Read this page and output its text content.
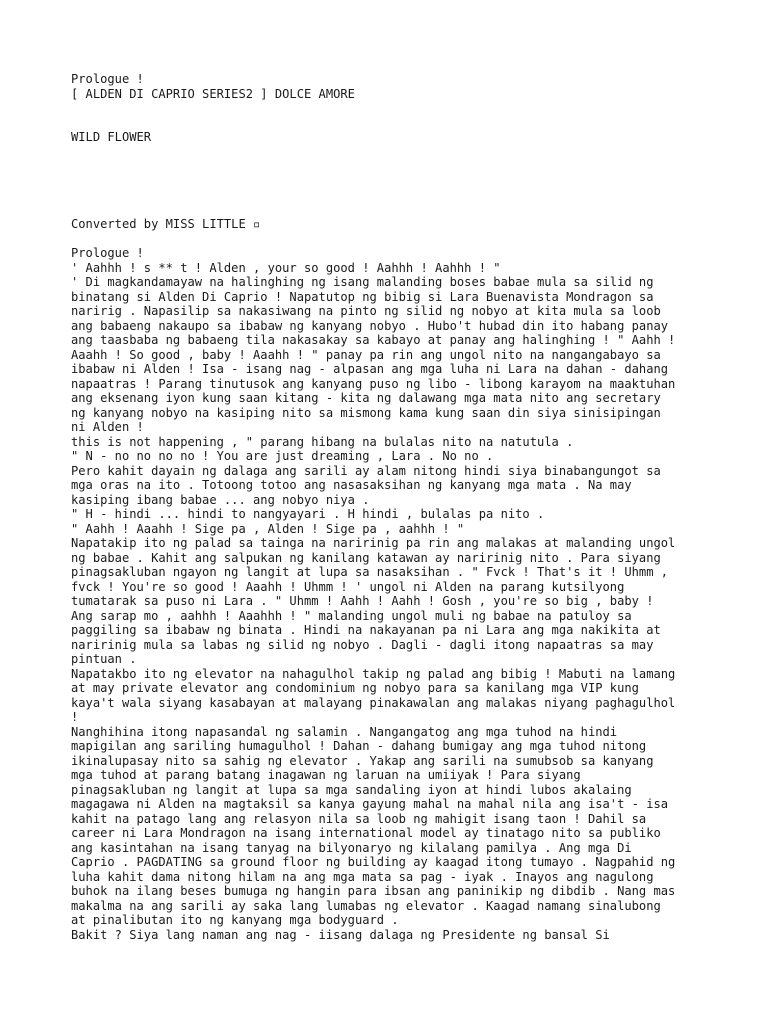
Prologue !
[ ALDEN DI CAPRIO SERIES2 ] DOLCE AMORE
WILD FLOWER
Converted by MISS LITTLE ▫
Prologue !
' Aahhh ! s ** t ! Alden , your so good ! Aahhh ! Aahhh ! "
' Di magkandamayaw na halinghing ng isang malanding boses babae mula sa silid ng
binatang si Alden Di Caprio ! Napatutop ng bibig si Lara Buenavista Mondragon sa
naririg . Napasilip sa nakasiwang na pinto ng silid ng nobyo at kita mula sa loob
ang babaeng nakaupo sa ibabaw ng kanyang nobyo . Hubo't hubad din ito habang panay
ang taasbaba ng babaeng tila nakasakay sa kabayo at panay ang halinghing ! " Aahh !
Aaahh ! So good , baby ! Aaahh ! " panay pa rin ang ungol nito na nangangabayo sa
ibabaw ni Alden ! Isa - isang nag - alpasan ang mga luha ni Lara na dahan - dahang
napaatras ! Parang tinutusok ang kanyang puso ng libo - libong karayom na maaktuhan
ang eksenang iyon kung saan kitang - kita ng dalawang mga mata nito ang secretary
ng kanyang nobyo na kasiping nito sa mismong kama kung saan din siya sinisipingan
ni Alden !
this is not happening , " parang hibang na bulalas nito na natutula .
" N - no no no no ! You are just dreaming , Lara . No no .
Pero kahit dayain ng dalaga ang sarili ay alam nitong hindi siya binabangungot sa
mga oras na ito . Totoong totoo ang nasasaksihan ng kanyang mga mata . Na may
kasiping ibang babae ... ang nobyo niya .
" H - hindi ... hindi to nangyayari . H hindi , bulalas pa nito .
" Aahh ! Aaahh ! Sige pa , Alden ! Sige pa , aahhh ! "
Napatakip ito ng palad sa tainga na naririnig pa rin ang malakas at malanding ungol
ng babae . Kahit ang salpukan ng kanilang katawan ay naririnig nito . Para siyang
pinagsakluban ngayon ng langit at lupa sa nasaksihan . " Fvck ! That's it ! Uhmm ,
fvck ! You're so good ! Aaahh ! Uhmm ! ' ungol ni Alden na parang kutsilyong
tumatarak sa puso ni Lara . " Uhmm ! Aahh ! Aahh ! Gosh , you're so big , baby !
Ang sarap mo , aahhh ! Aaahhh ! " malanding ungol muli ng babae na patuloy sa
paggiling sa ibabaw ng binata . Hindi na nakayanan pa ni Lara ang mga nakikita at
naririnig mula sa labas ng silid ng nobyo . Dagli - dagli itong napaatras sa may
pintuan .
Napatakbo ito ng elevator na nahagulhol takip ng palad ang bibig ! Mabuti na lamang
at may private elevator ang condominium ng nobyo para sa kanilang mga VIP kung
kaya't wala siyang kasabayan at malayang pinakawalan ang malakas niyang paghagulhol
!
Nanghihina itong napasandal ng salamin . Nangangatog ang mga tuhod na hindi
mapigilan ang sariling humagulhol ! Dahan - dahang bumigay ang mga tuhod nitong
ikinalupasay nito sa sahig ng elevator . Yakap ang sarili na sumubsob sa kanyang
mga tuhod at parang batang inagawan ng laruan na umiiyak ! Para siyang
pinagsakluban ng langit at lupa sa mga sandaling iyon at hindi lubos akalaing
magagawa ni Alden na magtaksil sa kanya gayung mahal na mahal nila ang isa't - isa
kahit na patago lang ang relasyon nila sa loob ng mahigit isang taon ! Dahil sa
career ni Lara Mondragon na isang international model ay tinatago nito sa publiko
ang kasintahan na isang tanyag na bilyonaryo ng kilalang pamilya . Ang mga Di
Caprio . PAGDATING sa ground floor ng building ay kaagad itong tumayo . Nagpahid ng
luha kahit dama nitong hilam na ang mga mata sa pag - iyak . Inayos ang nagulong
buhok na ilang beses bumuga ng hangin para ibsan ang paninikip ng dibdib . Nang mas
makalma na ang sarili ay saka lang lumabas ng elevator . Kaagad namang sinalubong
at pinalibutan ito ng kanyang mga bodyguard .
Bakit ? Siya lang naman ang nag - iisang dalaga ng Presidente ng bansal Si
